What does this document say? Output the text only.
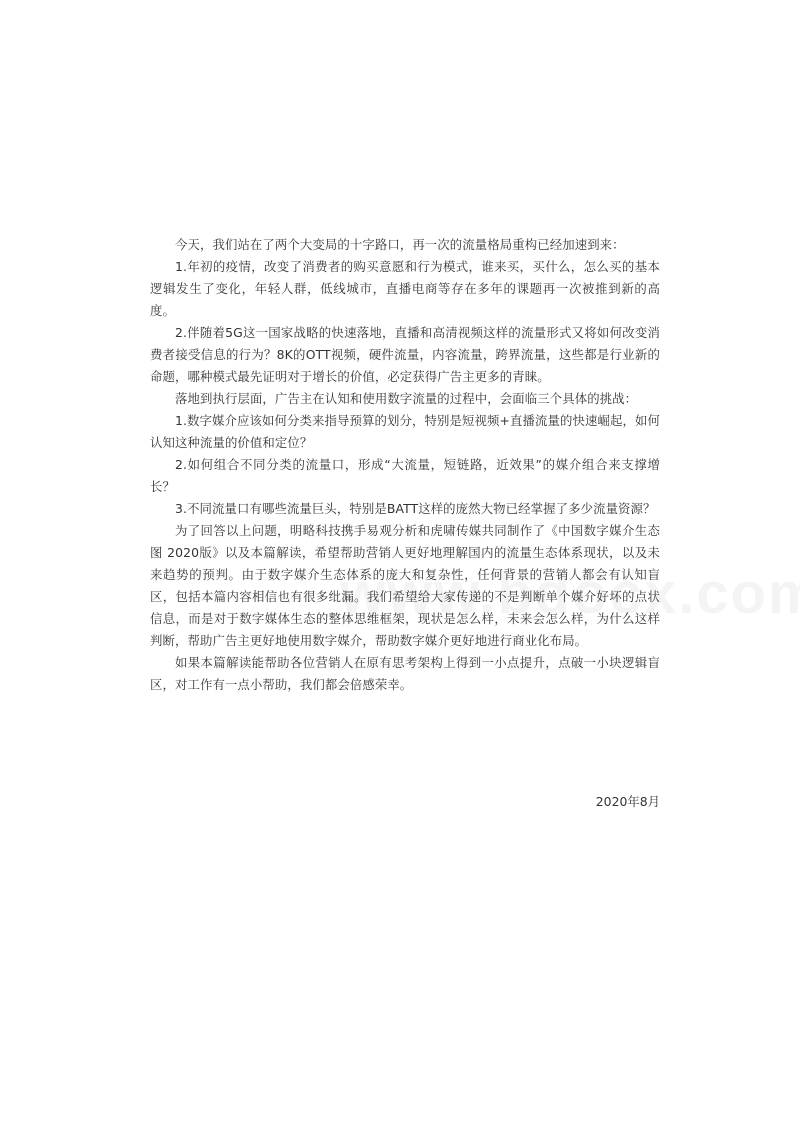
今天，我们站在了两个大变局的十字路口，再一次的流量格局重构已经加速到来：

1.年初的疫情，改变了消费者的购买意愿和行为模式，谁来买，买什么，怎么买的基本逻辑发生了变化，年轻人群，低线城市，直播电商等存在多年的课题再一次被推到新的高度。

2.伴随着5G这一国家战略的快速落地，直播和高清视频这样的流量形式又将如何改变消费者接受信息的行为？8K的OTT视频，硬件流量，内容流量，跨界流量，这些都是行业新的命题，哪种模式最先证明对于增长的价值，必定获得广告主更多的青睐。

落地到执行层面，广告主在认知和使用数字流量的过程中，会面临三个具体的挑战：

1.数字媒介应该如何分类来指导预算的划分，特别是短视频+直播流量的快速崛起，如何认知这种流量的价值和定位？

2.如何组合不同分类的流量口，形成“大流量，短链路，近效果”的媒介组合来支撑增长？

3.不同流量口有哪些流量巨头，特别是BATT这样的庞然大物已经掌握了多少流量资源？

为了回答以上问题，明略科技携手易观分析和虎啸传媒共同制作了《中国数字媒介生态图 2020版》以及本篇解读，希望帮助营销人更好地理解国内的流量生态体系现状，以及未来趋势的预判。由于数字媒介生态体系的庞大和复杂性，任何背景的营销人都会有认知盲区，包括本篇内容相信也有很多纰漏。我们希望给大家传递的不是判断单个媒介好坏的点状信息，而是对于数字媒体生态的整体思维框架，现状是怎么样，未来会怎么样，为什么这样判断，帮助广告主更好地使用数字媒介，帮助数字媒介更好地进行商业化布局。

如果本篇解读能帮助各位营销人在原有思考架构上得到一小点提升，点破一小块逻辑盲区，对工作有一点小帮助，我们都会倍感荣幸。

2020年8月
